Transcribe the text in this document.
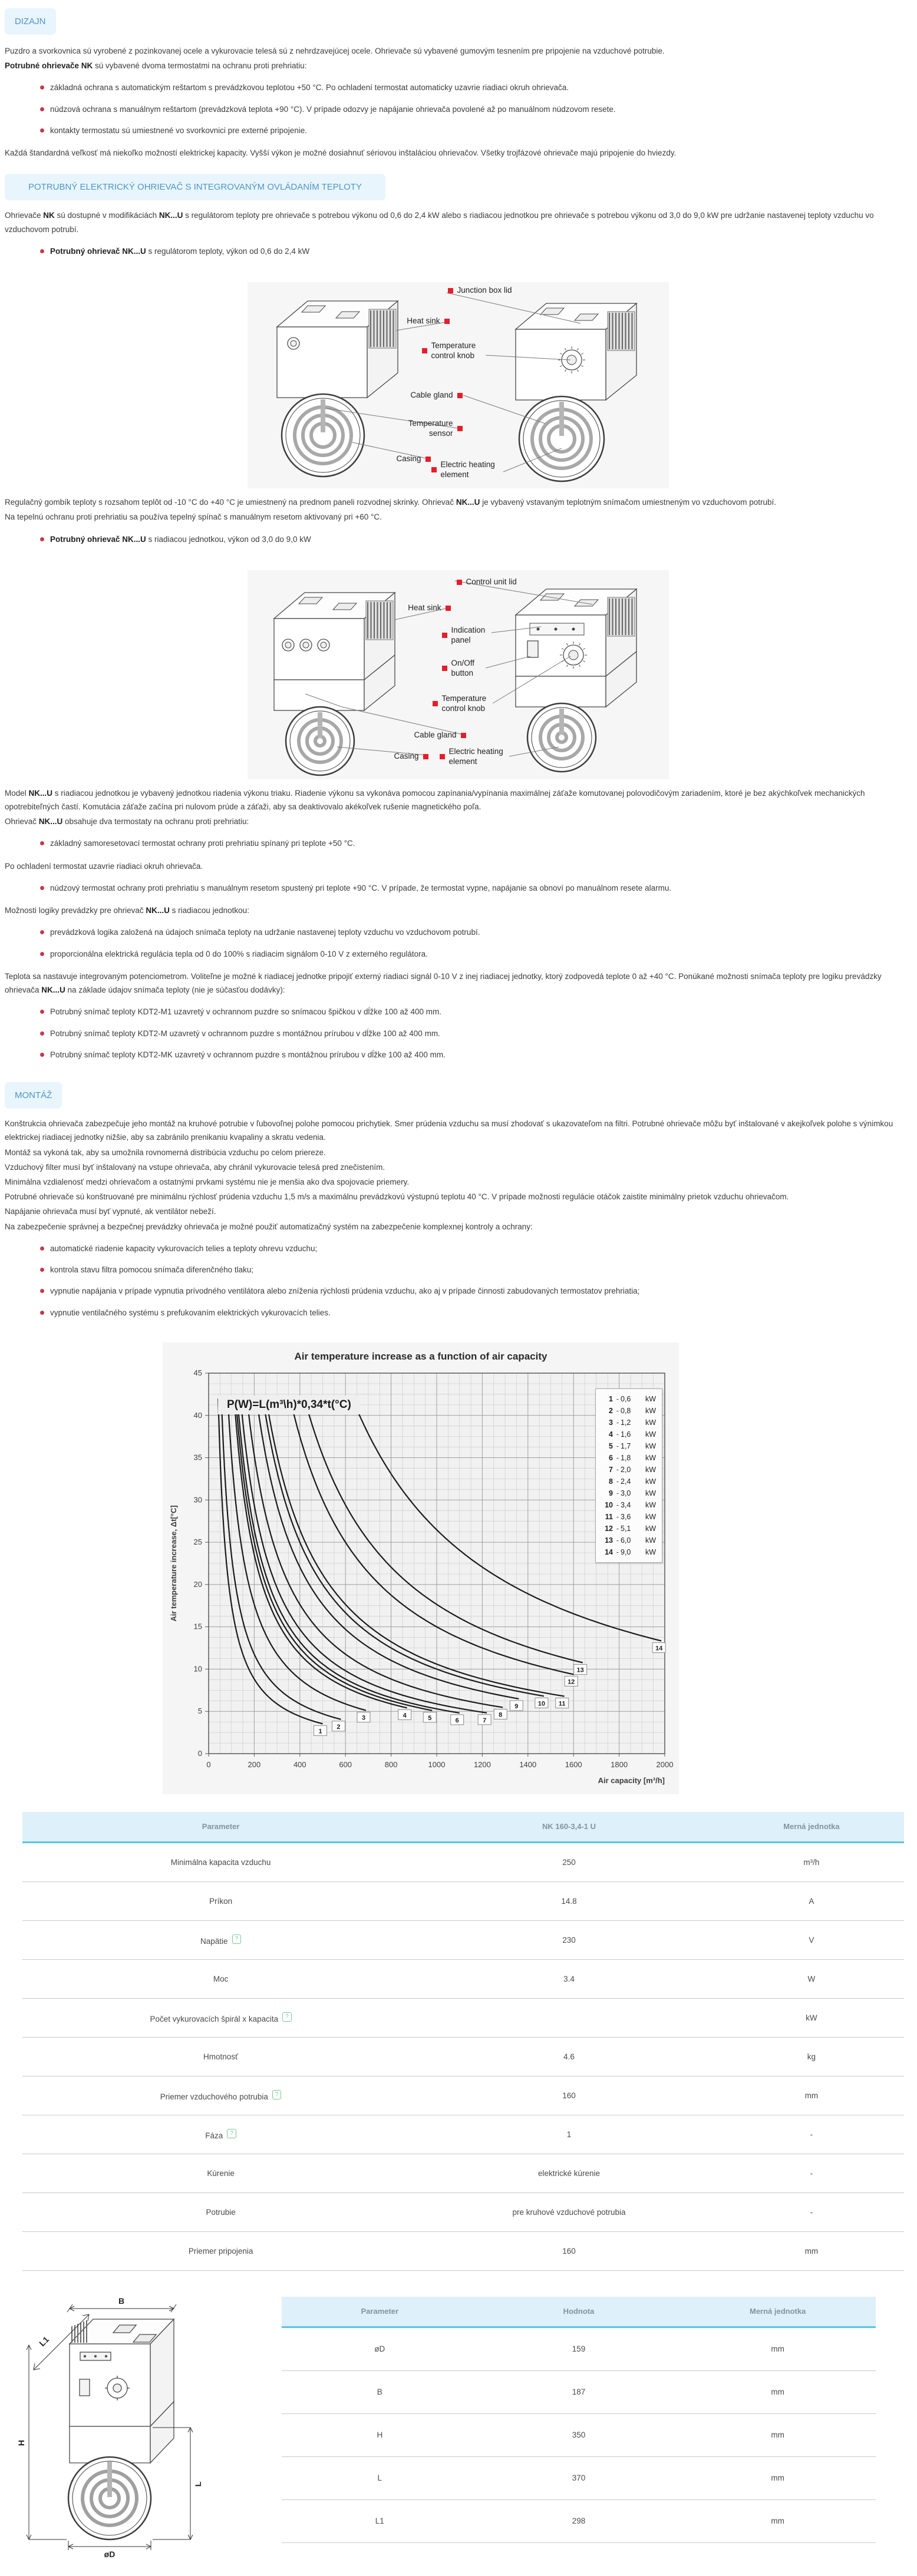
DIZAJN

Puzdro a svorkovnica sú vyrobené z pozinkovanej ocele a vykurovacie telesá sú z nehrdzavejúcej ocele. Ohrievače sú vybavené gumovým tesnením pre pripojenie na vzduchové potrubie.

Potrubné ohrievače NK sú vybavené dvoma termostatmi na ochranu proti prehriatiu:

základná ochrana s automatickým reštartom s prevádzkovou teplotou +50 °C. Po ochladení termostat automaticky uzavrie riadiaci okruh ohrievača.
núdzová ochrana s manuálnym reštartom (prevádzková teplota +90 °C). V prípade odozvy je napájanie ohrievača povolené až po manuálnom núdzovom resete.
kontakty termostatu sú umiestnené vo svorkovnici pre externé pripojenie.

Každá štandardná veľkosť má niekoľko možností elektrickej kapacity. Vyšší výkon je možné dosiahnuť sériovou inštaláciou ohrievačov. Všetky trojfázové ohrievače majú pripojenie do hviezdy.

POTRUBNÝ ELEKTRICKÝ OHRIEVAČ S INTEGROVANÝM OVLÁDANÍM TEPLOTY

Ohrievače NK sú dostupné v modifikáciách NK...U s regulátorom teploty pre ohrievače s potrebou výkonu od 0,6 do 2,4 kW alebo s riadiacou jednotkou pre ohrievače s potrebou výkonu od 3,0 do 9,0 kW pre udržanie nastavenej teploty vzduchu vo vzduchovom potrubí.

Potrubný ohrievač NK...U s regulátorom teploty, výkon od 0,6 do 2,4 kW
Junction box lid
Heat sink
Temperature control knob
Cable gland
Temperature sensor
Casing
Electric heating element

Regulačný gombík teploty s rozsahom teplôt od -10 °C do +40 °C je umiestnený na prednom paneli rozvodnej skrinky. Ohrievač NK...U je vybavený vstavaným teplotným snímačom umiestneným vo vzduchovom potrubí.

Na tepelnú ochranu proti prehriatiu sa používa tepelný spínač s manuálnym resetom aktivovaný pri +60 °C.

Potrubný ohrievač NK...U s riadiacou jednotkou, výkon od 3,0 do 9,0 kW
Control unit lid
Heat sink
Indication panel
On/Off button
Temperature control knob
Cable gland
Casing
Electric heating element

Model NK...U s riadiacou jednotkou je vybavený jednotkou riadenia výkonu triaku. Riadenie výkonu sa vykonáva pomocou zapínania/vypínania maximálnej záťaže komutovanej polovodičovým zariadením, ktoré je bez akýchkoľvek mechanických opotrebiteľných častí. Komutácia záťaže začína pri nulovom prúde a záťaži, aby sa deaktivovalo akékoľvek rušenie magnetického poľa.

Ohrievač NK...U obsahuje dva termostaty na ochranu proti prehriatiu:

základný samoresetovací termostat ochrany proti prehriatiu spínaný pri teplote +50 °C.

Po ochladení termostat uzavrie riadiaci okruh ohrievača.

núdzový termostat ochrany proti prehriatiu s manuálnym resetom spustený pri teplote +90 °C. V prípade, že termostat vypne, napájanie sa obnoví po manuálnom resete alarmu.

Možnosti logiky prevádzky pre ohrievač NK...U s riadiacou jednotkou:

prevádzková logika založená na údajoch snímača teploty na udržanie nastavenej teploty vzduchu vo vzduchovom potrubí.
proporcionálna elektrická regulácia tepla od 0 do 100% s riadiacim signálom 0-10 V z externého regulátora.

Teplota sa nastavuje integrovaným potenciometrom. Voliteľne je možné k riadiacej jednotke pripojiť externý riadiaci signál 0-10 V z inej riadiacej jednotky, ktorý zodpovedá teplote 0 až +40 °C. Ponúkané možnosti snímača teploty pre logiku prevádzky ohrievača NK...U na základe údajov snímača teploty (nie je súčasťou dodávky):

Potrubný snímač teploty KDT2-M1 uzavretý v ochrannom puzdre so snímacou špičkou v dĺžke 100 až 400 mm.
Potrubný snímač teploty KDT2-M uzavretý v ochrannom puzdre s montážnou prírubou v dĺžke 100 až 400 mm.
Potrubný snímač teploty KDT2-MK uzavretý v ochrannom puzdre s montážnou prírubou v dĺžke 100 až 400 mm.
MONTÁŽ

Konštrukcia ohrievača zabezpečuje jeho montáž na kruhové potrubie v ľubovoľnej polohe pomocou prichytiek. Smer prúdenia vzduchu sa musí zhodovať s ukazovateľom na filtri. Potrubné ohrievače môžu byť inštalované v akejkoľvek polohe s výnimkou elektrickej riadiacej jednotky nižšie, aby sa zabránilo prenikaniu kvapaliny a skratu vedenia.

Montáž sa vykoná tak, aby sa umožnila rovnomerná distribúcia vzduchu po celom priereze.

Vzduchový filter musí byť inštalovaný na vstupe ohrievača, aby chránil vykurovacie telesá pred znečistením.

Minimálna vzdialenosť medzi ohrievačom a ostatnými prvkami systému nie je menšia ako dva spojovacie priemery.

Potrubné ohrievače sú konštruované pre minimálnu rýchlosť prúdenia vzduchu 1,5 m/s a maximálnu prevádzkovú výstupnú teplotu 40 °C. V prípade možnosti regulácie otáčok zaistite minimálny prietok vzduchu ohrievačom.

Napájanie ohrievača musí byť vypnuté, ak ventilátor nebeží.

Na zabezpečenie správnej a bezpečnej prevádzky ohrievača je možné použiť automatizačný systém na zabezpečenie komplexnej kontroly a ochrany:

automatické riadenie kapacity vykurovacích telies a teploty ohrevu vzduchu;
kontrola stavu filtra pomocou snímača diferenčného tlaku;
vypnutie napájania v prípade vypnutia prívodného ventilátora alebo zníženia rýchlosti prúdenia vzduchu, ako aj v prípade činnosti zabudovaných termostatov prehriatia;
vypnutie ventilačného systému s prefukovaním elektrických vykurovacích telies.
Air temperature increase as a function of air capacity
0	200	400	600	800	1000	1200	1400	1600	1800	2000
0
5
10
15
20
25
30
35
40
45
Air temperature increase, Δt[°C]
Air capacity [m³/h]
1
2
3	4	5	6	7
8
9	10 11
12
13
14
P(W)=L(m³\h)*0,34*t(°C)	1 - 0,6	kW
2 - 0,8	kW
3 - 1,2	kW
4 - 1,6	kW
5 - 1,7	kW
6 - 1,8	kW
7 - 2,0	kW
8 - 2,4	kW
9 - 3,0	kW
10 - 3,4	kW
11 - 3,6	kW
12 - 5,1	kW
13 - 6,0	kW
14 - 9,0	kW
Parameter	NK 160-3,4-1 U	Merná jednotka
Minimálna kapacita vzduchu	250	m³/h
Príkon	14.8	A
Napätie ?	230	V
Moc	3.4	W
Počet vykurovacích špirál x kapacita ?		kW
Hmotnosť	4.6	kg
Priemer vzduchového potrubia ?	160	mm
Fáza ?	1	-
Kúrenie	elektrické kúrenie	-
Potrubie	pre kruhové vzduchové potrubia	-
Priemer pripojenia	160	mm
B
L1
H
L
øD
Parameter	Hodnota	Merná jednotka
øD	159	mm
B	187	mm
H	350	mm
L	370	mm
L1	298	mm
